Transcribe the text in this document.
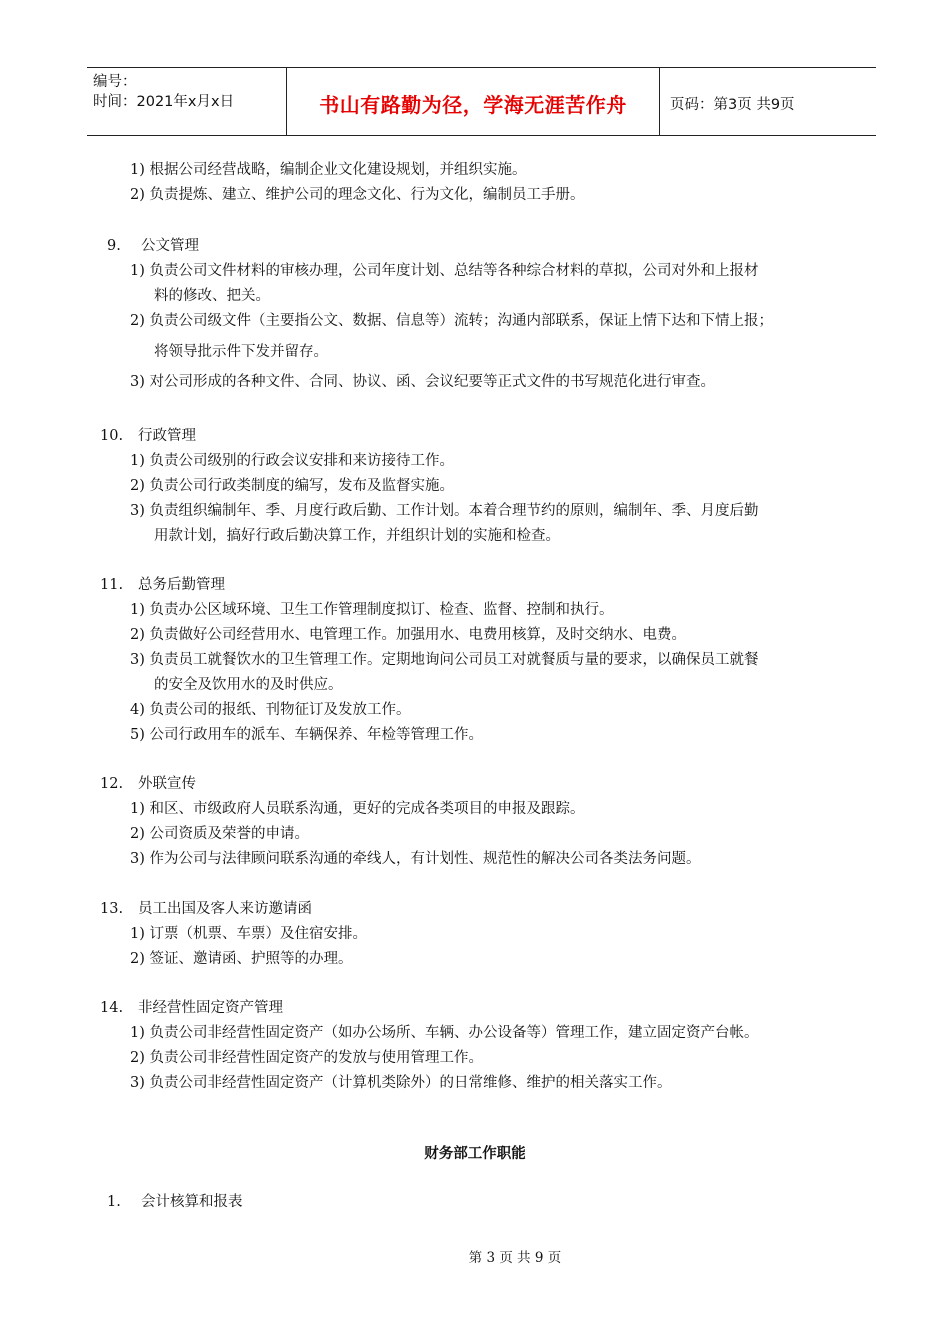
编号：
时间：2021年x月x日	书山有路勤为径，学海无涯苦作舟	页码：第3页 共9页
1) 根据公司经营战略，编制企业文化建设规划，并组织实施。
2) 负责提炼、建立、维护公司的理念文化、行为文化，编制员工手册。
9. 公文管理
1) 负责公司文件材料的审核办理，公司年度计划、总结等各种综合材料的草拟，公司对外和上报材
料的修改、把关。
2) 负责公司级文件（主要指公文、数据、信息等）流转；沟通内部联系，保证上情下达和下情上报；
将领导批示件下发并留存。
3) 对公司形成的各种文件、合同、协议、函、会议纪要等正式文件的书写规范化进行审查。
10. 行政管理
1) 负责公司级别的行政会议安排和来访接待工作。
2) 负责公司行政类制度的编写，发布及监督实施。
3) 负责组织编制年、季、月度行政后勤、工作计划。本着合理节约的原则，编制年、季、月度后勤
用款计划，搞好行政后勤决算工作，并组织计划的实施和检查。
11. 总务后勤管理
1) 负责办公区域环境、卫生工作管理制度拟订、检查、监督、控制和执行。
2) 负责做好公司经营用水、电管理工作。加强用水、电费用核算，及时交纳水、电费。
3) 负责员工就餐饮水的卫生管理工作。定期地询问公司员工对就餐质与量的要求，以确保员工就餐
的安全及饮用水的及时供应。
4) 负责公司的报纸、刊物征订及发放工作。
5) 公司行政用车的派车、车辆保养、年检等管理工作。
12. 外联宣传
1) 和区、市级政府人员联系沟通，更好的完成各类项目的申报及跟踪。
2) 公司资质及荣誉的申请。
3) 作为公司与法律顾问联系沟通的牵线人，有计划性、规范性的解决公司各类法务问题。
13. 员工出国及客人来访邀请函
1) 订票（机票、车票）及住宿安排。
2) 签证、邀请函、护照等的办理。
14. 非经营性固定资产管理
1) 负责公司非经营性固定资产（如办公场所、车辆、办公设备等）管理工作，建立固定资产台帐。
2) 负责公司非经营性固定资产的发放与使用管理工作。
3) 负责公司非经营性固定资产（计算机类除外）的日常维修、维护的相关落实工作。
财务部工作职能
1. 会计核算和报表
第 3 页 共 9 页
